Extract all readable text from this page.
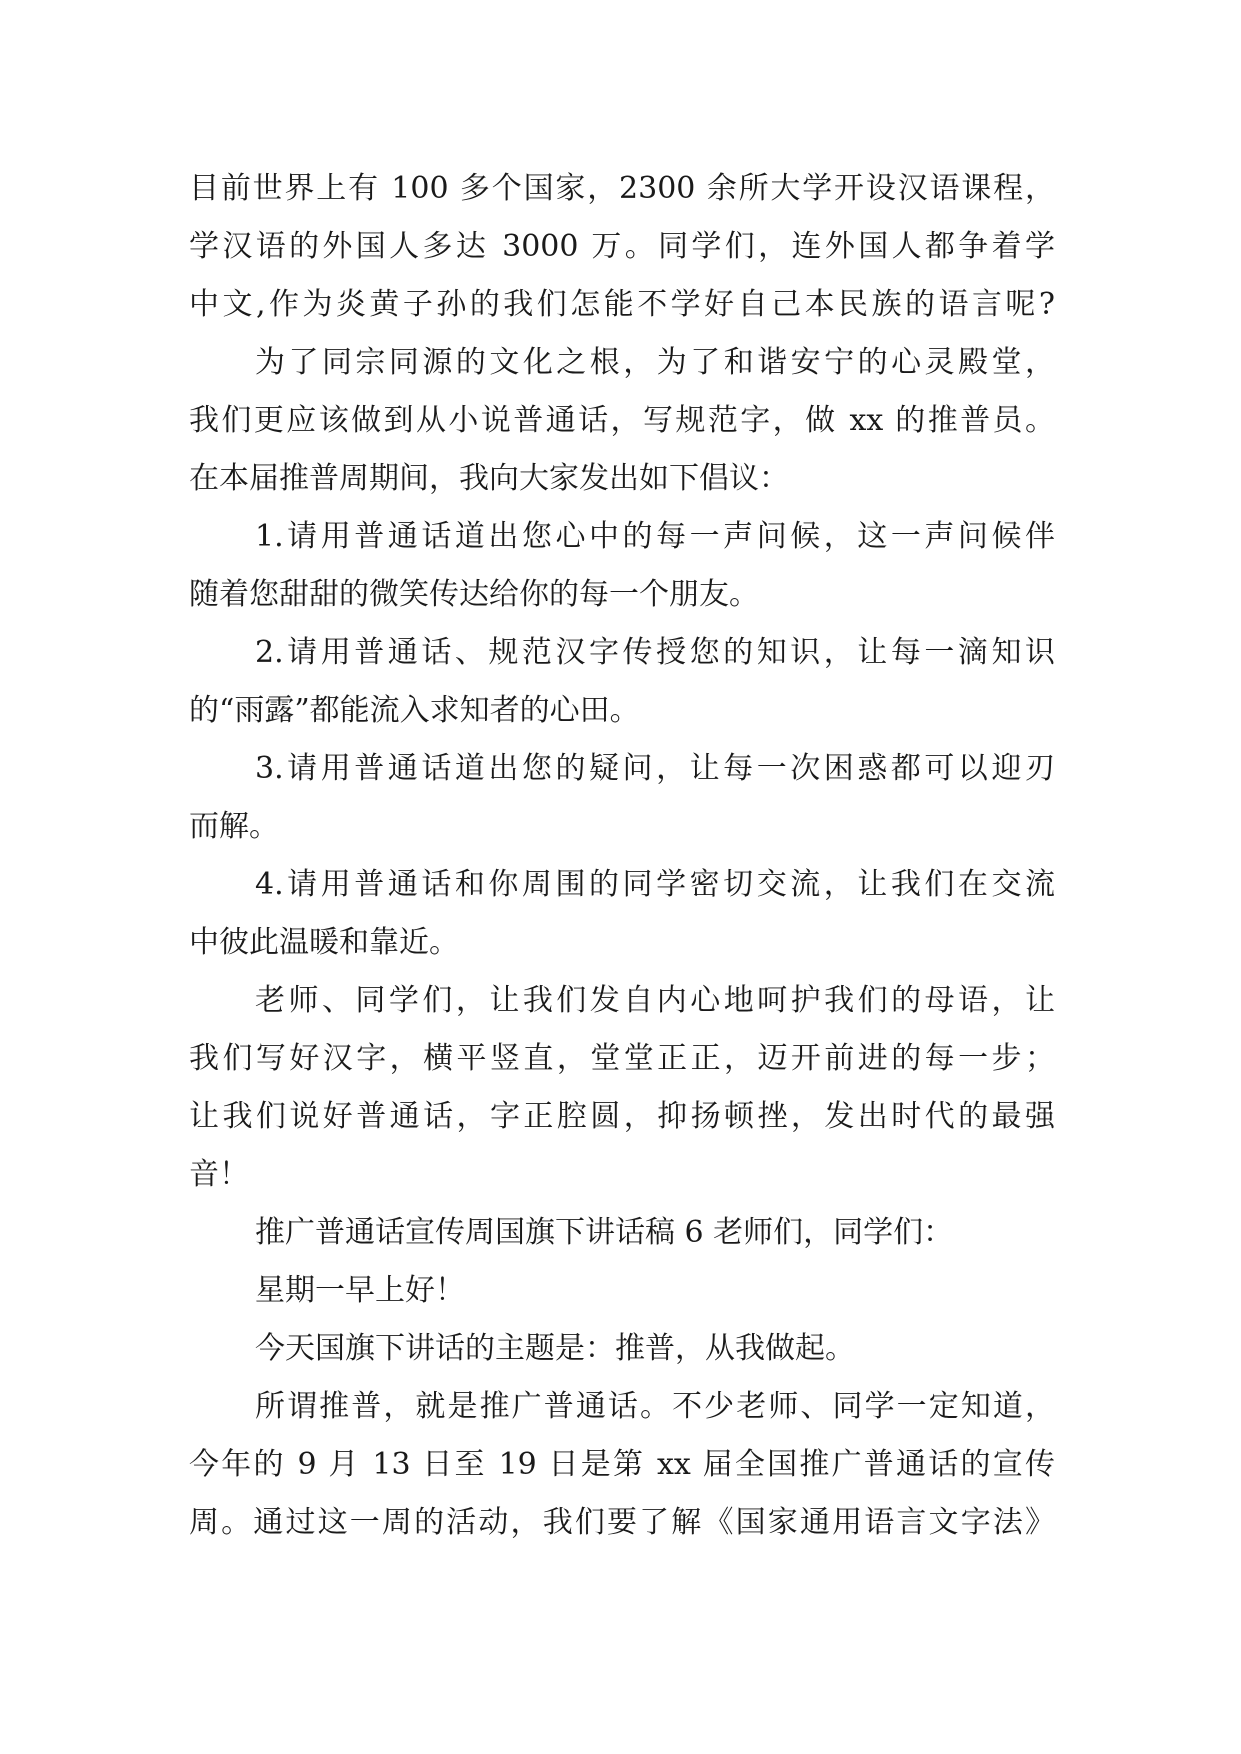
目前世界上有 100 多个国家，2300 余所大学开设汉语课程，
学汉语的外国人多达 3000 万。同学们，连外国人都争着学
中文,作为炎黄子孙的我们怎能不学好自己本民族的语言呢?
为了同宗同源的文化之根，为了和谐安宁的心灵殿堂，
我们更应该做到从小说普通话，写规范字，做 xx 的推普员。
在本届推普周期间，我向大家发出如下倡议：
1.请用普通话道出您心中的每一声问候，这一声问候伴
随着您甜甜的微笑传达给你的每一个朋友。
2.请用普通话、规范汉字传授您的知识，让每一滴知识
的“雨露”都能流入求知者的心田。
3.请用普通话道出您的疑问，让每一次困惑都可以迎刃
而解。
4.请用普通话和你周围的同学密切交流，让我们在交流
中彼此温暖和靠近。
老师、同学们，让我们发自内心地呵护我们的母语，让
我们写好汉字，横平竖直，堂堂正正，迈开前进的每一步；
让我们说好普通话，字正腔圆，抑扬顿挫，发出时代的最强
音！
推广普通话宣传周国旗下讲话稿 6 老师们，同学们：
星期一早上好！
今天国旗下讲话的主题是：推普，从我做起。
所谓推普，就是推广普通话。不少老师、同学一定知道，
今年的 9 月 13 日至 19 日是第 xx 届全国推广普通话的宣传
周。通过这一周的活动，我们要了解《国家通用语言文字法》
